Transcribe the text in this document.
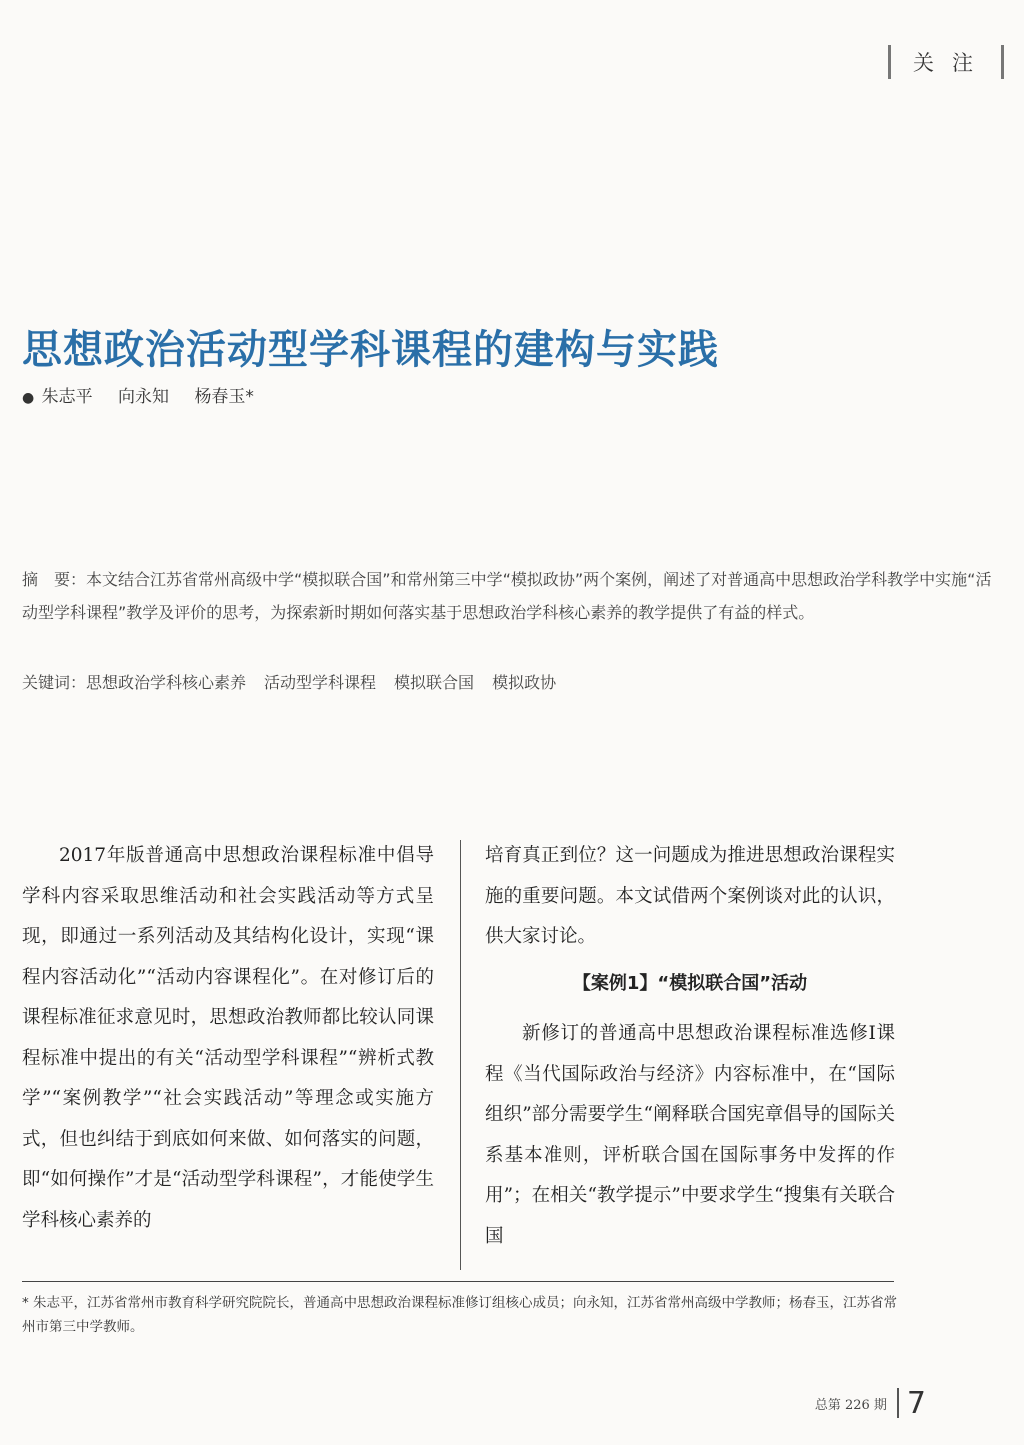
关注
思想政治活动型学科课程的建构与实践
● 朱志平 向永知 杨春玉*

摘　要：本文结合江苏省常州高级中学“模拟联合国”和常州第三中学“模拟政协”两个案例，阐述了对普通高中思想政治学科教学中实施“活动型学科课程”教学及评价的思考，为探索新时期如何落实基于思想政治学科核心素养的教学提供了有益的样式。

关键词：思想政治学科核心素养 活动型学科课程 模拟联合国 模拟政协

2017年版普通高中思想政治课程标准中倡导学科内容采取思维活动和社会实践活动等方式呈现，即通过一系列活动及其结构化设计，实现“课程内容活动化”“活动内容课程化”。在对修订后的课程标准征求意见时，思想政治教师都比较认同课程标准中提出的有关“活动型学科课程”“辨析式教学”“案例教学”“社会实践活动”等理念或实施方式，但也纠结于到底如何来做、如何落实的问题，即“如何操作”才是“活动型学科课程”，才能使学生学科核心素养的

培育真正到位？这一问题成为推进思想政治课程实施的重要问题。本文试借两个案例谈对此的认识，供大家讨论。

【案例1】“模拟联合国”活动

新修订的普通高中思想政治课程标准选修Ⅰ课程《当代国际政治与经济》内容标准中，在“国际组织”部分需要学生“阐释联合国宪章倡导的国际关系基本准则，评析联合国在国际事务中发挥的作用”；在相关“教学提示”中要求学生“搜集有关联合国

* 朱志平，江苏省常州市教育科学研究院院长，普通高中思想政治课程标准修订组核心成员；向永知，江苏省常州高级中学教师；杨春玉，江苏省常州市第三中学教师。

总第 226 期 7
